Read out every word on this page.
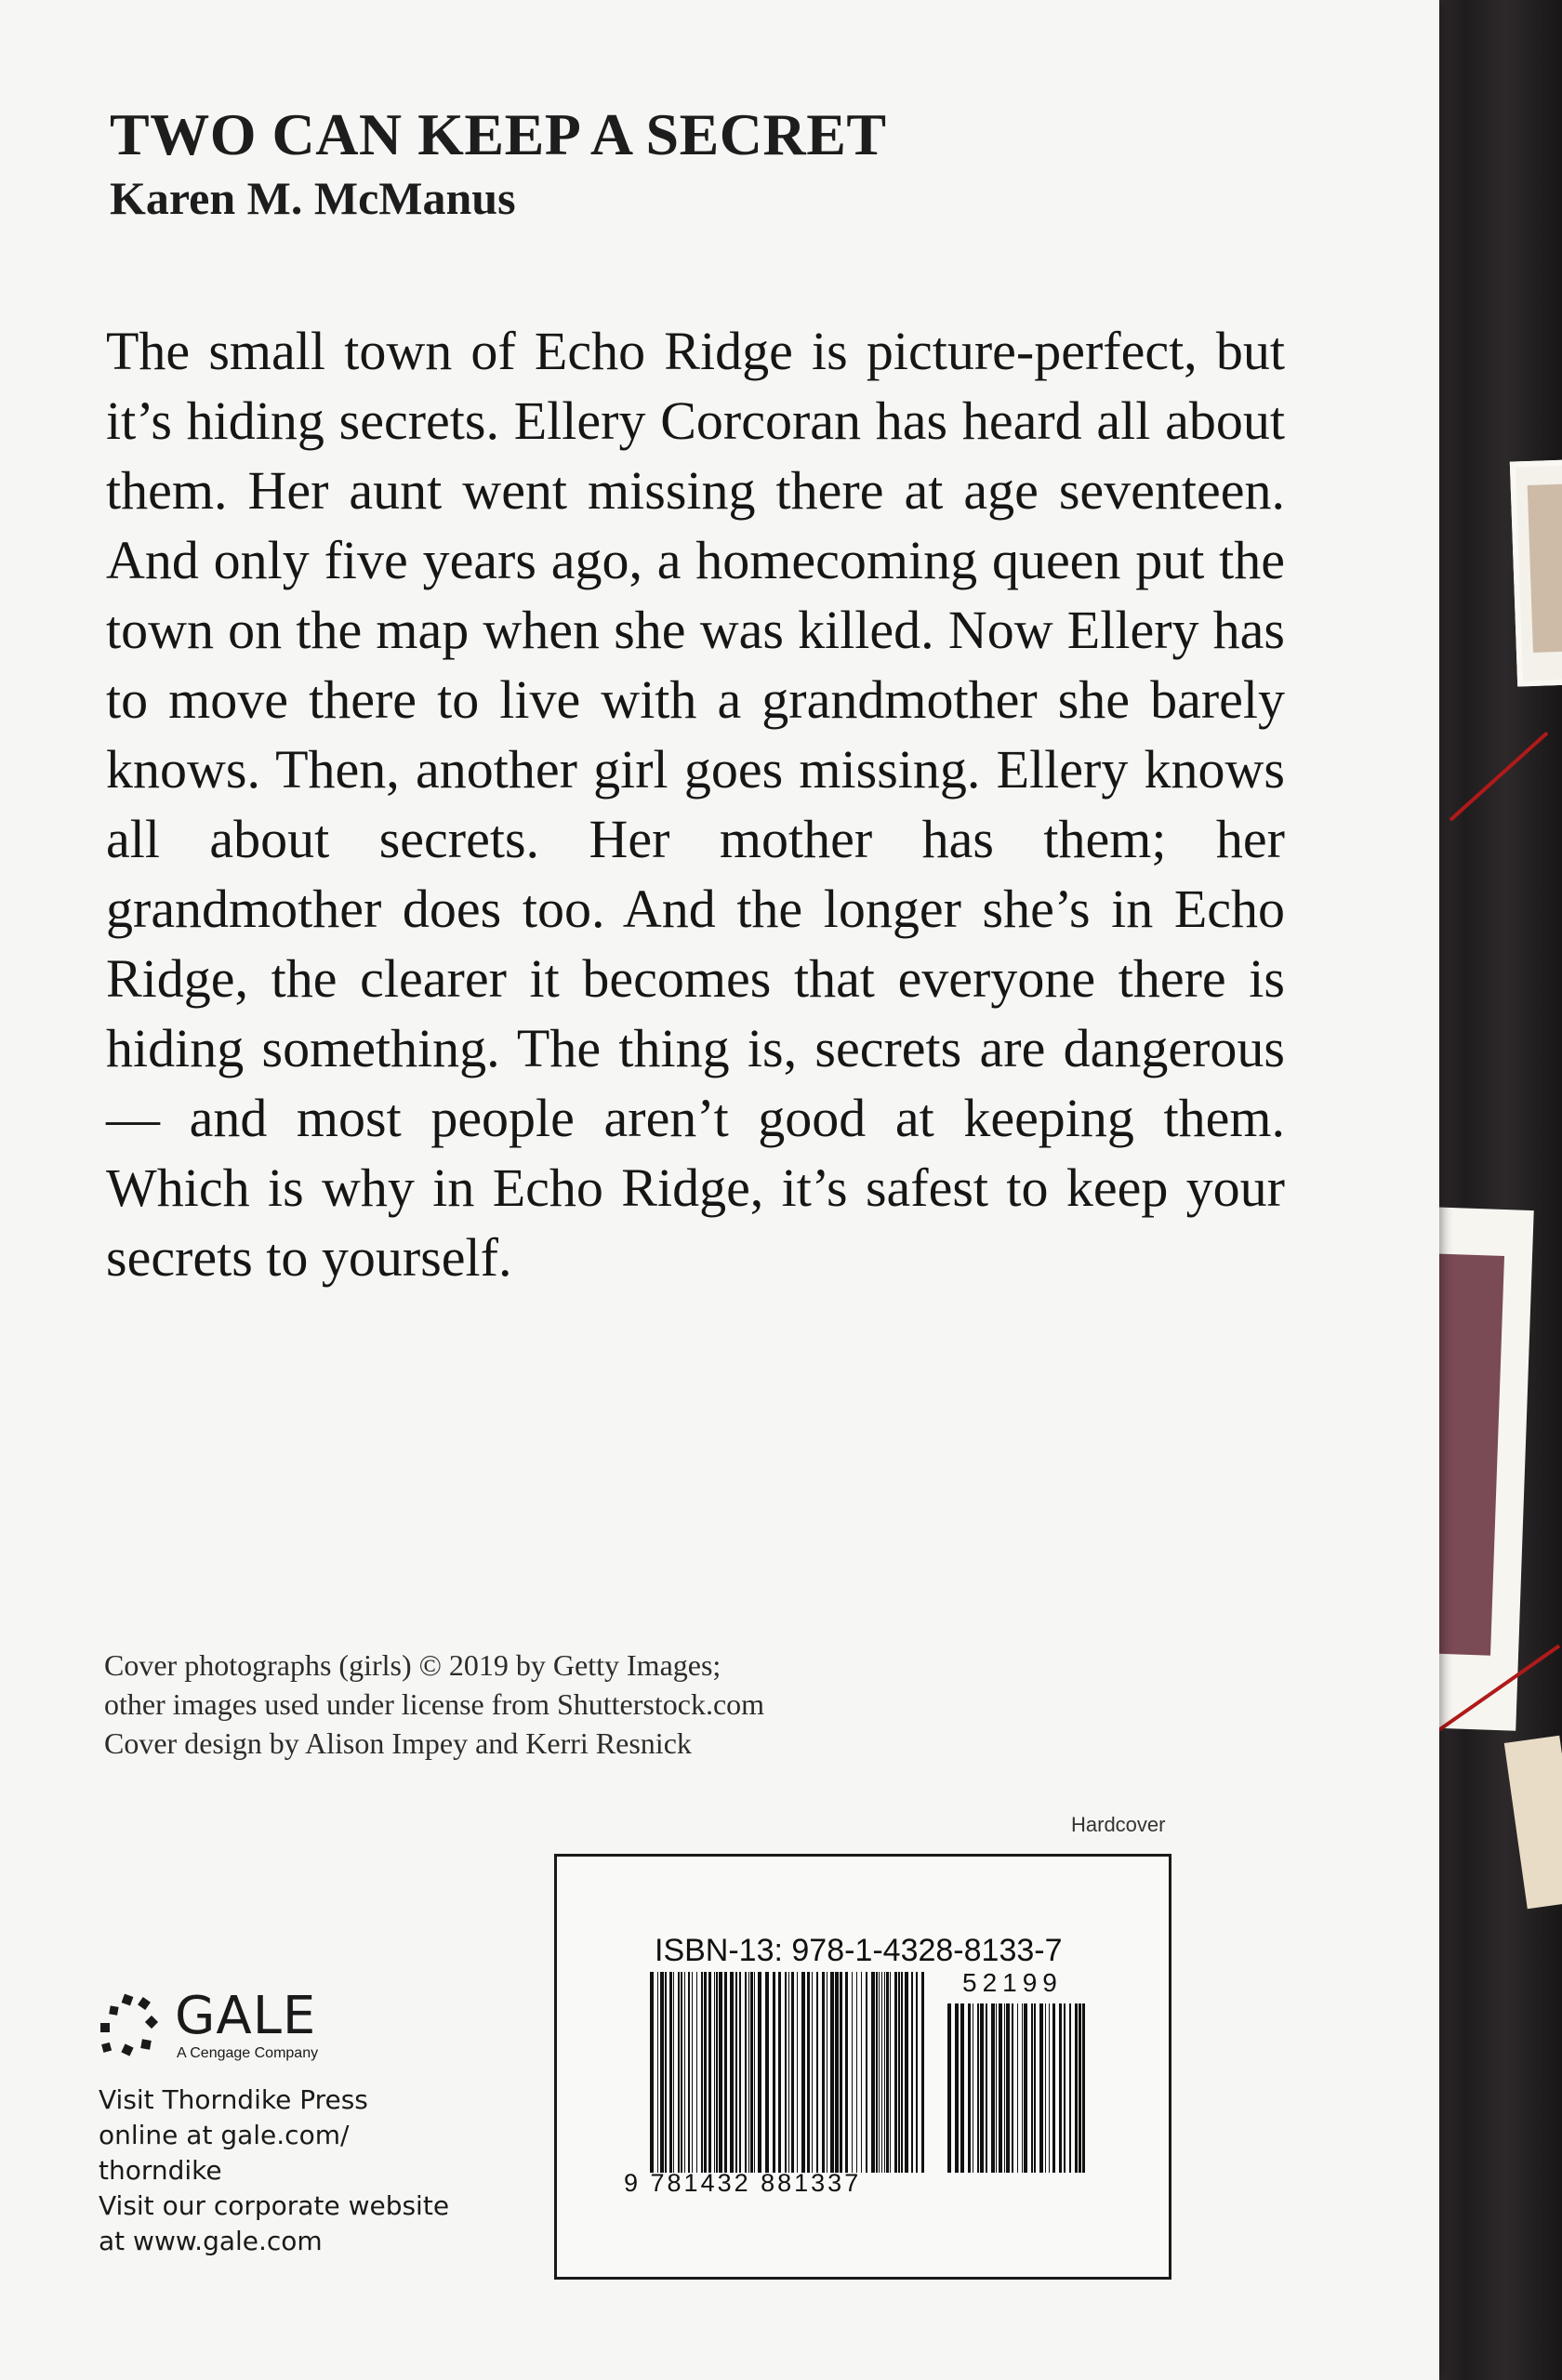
TWO CAN KEEP A SECRET
Karen M. McManus

The small town of Echo Ridge is picture-perfect, but it’s hiding secrets. Ellery Corcoran has heard all about them. Her aunt went missing there at age seventeen. And only five years ago, a homecoming queen put the town on the map when she was killed. Now Ellery has to move there to live with a grandmother she barely knows. Then, another girl goes missing. Ellery knows all about secrets. Her mother has them; her grandmother does too. And the longer she’s in Echo Ridge, the clearer it becomes that everyone there is hiding something. The thing is, secrets are dangerous — and most people aren’t good at keeping them. Which is why in Echo Ridge, it’s safest to keep your secrets to yourself.

Cover photographs (girls) © 2019 by Getty Images;
other images used under license from Shutterstock.com
Cover design by Alison Impey and Kerri Resnick
Hardcover
ISBN-13: 978-1-4328-8133-7
52199
9 781432 881337
GALE
A Cengage Company
Visit Thorndike Press
online at gale.com/
thorndike
Visit our corporate website
at www.gale.com
